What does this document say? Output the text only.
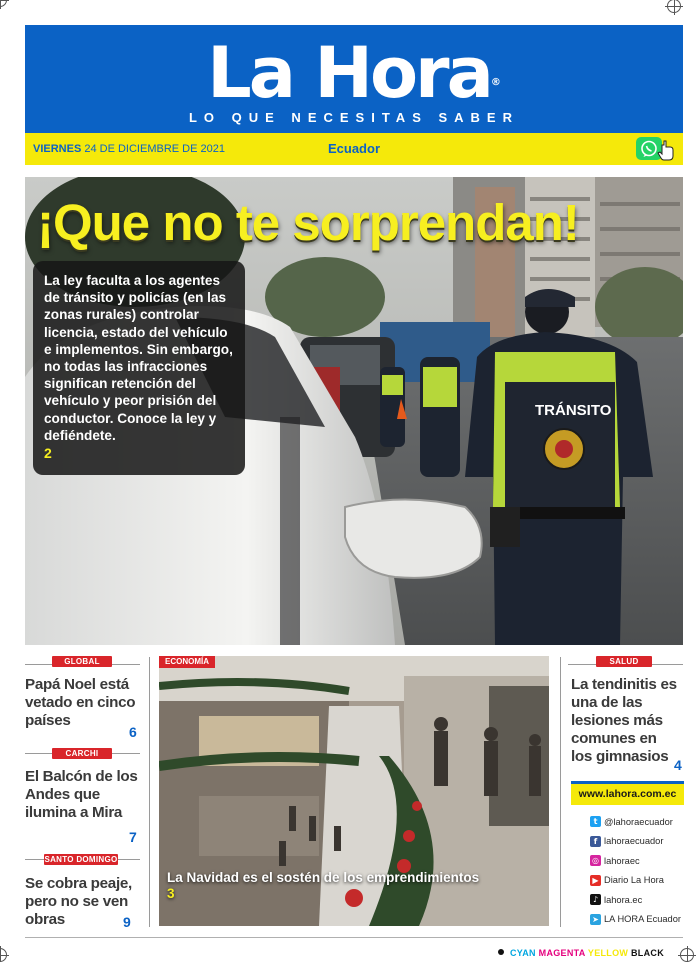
La Hora®
LO QUE NECESITAS SABER
VIERNES 24 DE DICIEMBRE DE 2021	Ecuador
TRÁNSITO
¡Que no te sorprendan!

La ley faculta a los agentes de tránsito y policías (en las zonas rurales) controlar licencia, estado del vehículo e implementos. Sin embargo, no todas las infracciones significan retención del vehículo y peor prisión del conductor. Conoce la ley y defiéndete.

2
GLOBAL
Papá Noel está vetado en cinco países
6
CARCHI
El Balcón de los Andes que ilumina a Mira
7
SANTO DOMINGO
Se cobra peaje, pero no se ven obras	9
ECONOMÍA
La Navidad es el sostén de los emprendimientos
3
SALUD
La tendinitis es una de las lesiones más comunes en los gimnasios 4
www.lahora.com.ec
t @lahoraecuador
f lahoraecuador
◎ lahoraec
▶ Diario La Hora
♪ lahora.ec
➤ LA HORA Ecuador
CYAN MAGENTA YELLOW BLACK
